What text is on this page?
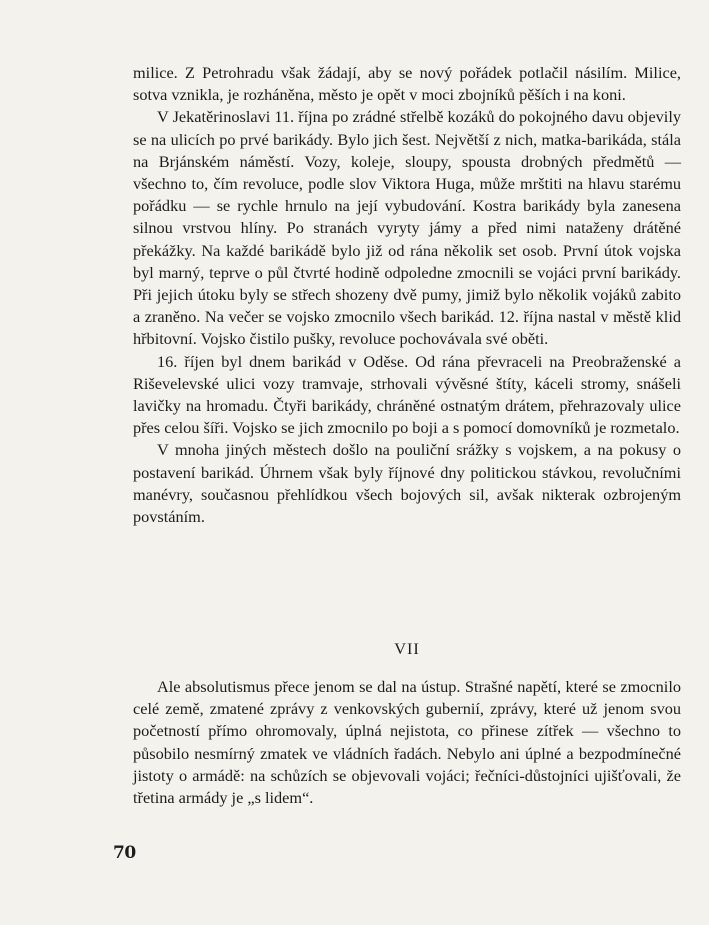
milice. Z Petrohradu však žádají, aby se nový pořádek potlačil násilím. Milice, sotva vznikla, je rozháněna, město je opět v moci zbojníků pěších i na koni.

V Jekatěrinoslavi 11. října po zrádné střelbě kozáků do pokojného davu objevily se na ulicích po prvé barikády. Bylo jich šest. Největší z nich, matka-barikáda, stála na Brjánském náměstí. Vozy, koleje, sloupy, spousta drobných předmětů — všechno to, čím revoluce, podle slov Viktora Huga, může mrštiti na hlavu starému pořádku — se rychle hrnulo na její vybudování. Kostra barikády byla zanesena silnou vrstvou hlíny. Po stranách vyryty jámy a před nimi nataženy drátěné překážky. Na každé barikádě bylo již od rána několik set osob. První útok vojska byl marný, teprve o půl čtvrté hodině odpoledne zmocnili se vojáci první barikády. Při jejich útoku byly se střech shozeny dvě pumy, jimiž bylo několik vojáků zabito a zraněno. Na večer se vojsko zmocnilo všech barikád. 12. října nastal v městě klid hřbitovní. Vojsko čistilo pušky, revoluce pochovávala své oběti.

16. říjen byl dnem barikád v Oděse. Od rána převraceli na Preobraženské a Riševelevské ulici vozy tramvaje, strhovali vývěsné štíty, káceli stromy, snášeli lavičky na hromadu. Čtyři barikády, chráněné ostnatým drátem, přehrazovaly ulice přes celou šíři. Vojsko se jich zmocnilo po boji a s pomocí domovníků je rozmetalo.

V mnoha jiných městech došlo na pouliční srážky s vojskem, a na pokusy o postavení barikád. Úhrnem však byly říjnové dny politickou stávkou, revolučními manévry, současnou přehlídkou všech bojových sil, avšak nikterak ozbrojeným povstáním.

VII

Ale absolutismus přece jenom se dal na ústup. Strašné napětí, které se zmocnilo celé země, zmatené zprávy z venkovských gubernií, zprávy, které už jenom svou početností přímo ohromovaly, úplná nejistota, co přinese zítřek — všechno to působilo nesmírný zmatek ve vládních řadách. Nebylo ani úplné a bezpodmínečné jistoty o armádě: na schůzích se objevovali vojáci; řečníci-důstojníci ujišťovali, že třetina armády je „s lidem“.

70
